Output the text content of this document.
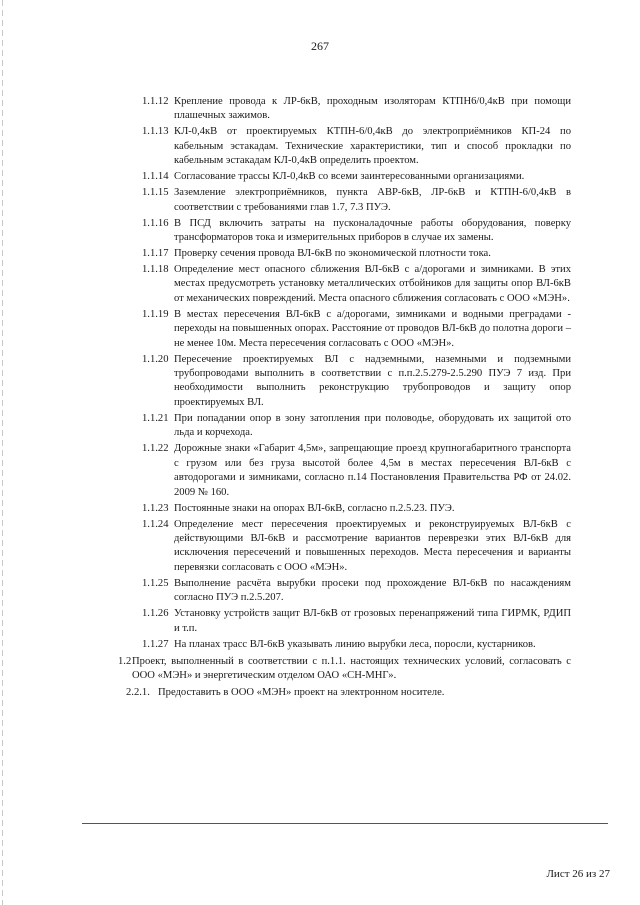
267
1.1.12 Крепление провода к ЛР-6кВ, проходным изоляторам КТПН6/0,4кВ при помощи плашечных зажимов.
1.1.13 КЛ-0,4кВ от проектируемых КТПН-6/0,4кВ до электроприёмников КП-24 по кабельным эстакадам. Технические характеристики, тип и способ прокладки по кабельным эстакадам КЛ-0,4кВ определить проектом.
1.1.14 Согласование трассы КЛ-0,4кВ со всеми заинтересованными организациями.
1.1.15 Заземление электроприёмников, пункта АВР-6кВ, ЛР-6кВ и КТПН-6/0,4кВ в соответствии с требованиями глав 1.7, 7.3 ПУЭ.
1.1.16 В ПСД включить затраты на пусконаладочные работы оборудования, поверку трансформаторов тока и измерительных приборов в случае их замены.
1.1.17 Проверку сечения провода ВЛ-6кВ по экономической плотности тока.
1.1.18 Определение мест опасного сближения ВЛ-6кВ с а/дорогами и зимниками. В этих местах предусмотреть установку металлических отбойников для защиты опор ВЛ-6кВ от механических повреждений. Места опасного сближения согласовать с ООО «МЭН».
1.1.19 В местах пересечения ВЛ-6кВ с а/дорогами, зимниками и водными преградами - переходы на повышенных опорах. Расстояние от проводов ВЛ-6кВ до полотна дороги – не менее 10м. Места пересечения согласовать с ООО «МЭН».
1.1.20 Пересечение проектируемых ВЛ с надземными, наземными и подземными трубопроводами выполнить в соответствии с п.п.2.5.279-2.5.290 ПУЭ 7 изд. При необходимости выполнить реконструкцию трубопроводов и защиту опор проектируемых ВЛ.
1.1.21 При попадании опор в зону затопления при половодье, оборудовать их защитой ото льда и корчехода.
1.1.22 Дорожные знаки «Габарит 4,5м», запрещающие проезд крупногабаритного транспорта с грузом или без груза высотой более 4,5м в местах пересечения ВЛ-6кВ с автодорогами и зимниками, согласно п.14 Постановления Правительства РФ от 24.02. 2009 № 160.
1.1.23 Постоянные знаки на опорах ВЛ-6кВ, согласно п.2.5.23. ПУЭ.
1.1.24 Определение мест пересечения проектируемых и реконструируемых ВЛ-6кВ с действующими ВЛ-6кВ и рассмотрение вариантов переврезки этих ВЛ-6кВ для исключения пересечений и повышенных переходов. Места пересечения и варианты перевязки согласовать с ООО «МЭН».
1.1.25 Выполнение расчёта вырубки просеки под прохождение ВЛ-6кВ по насаждениям согласно ПУЭ п.2.5.207.
1.1.26 Установку устройств защит ВЛ-6кВ от грозовых перенапряжений типа ГИРМК, РДИП и т.п.
1.1.27 На планах трасс ВЛ-6кВ указывать линию вырубки леса, поросли, кустарников.
1.2 Проект, выполненный в соответствии с п.1.1. настоящих технических условий, согласовать с ООО «МЭН» и энергетическим отделом ОАО «СН-МНГ».
2.2.1. Предоставить в ООО «МЭН» проект на электронном носителе.
Лист 26 из 27
